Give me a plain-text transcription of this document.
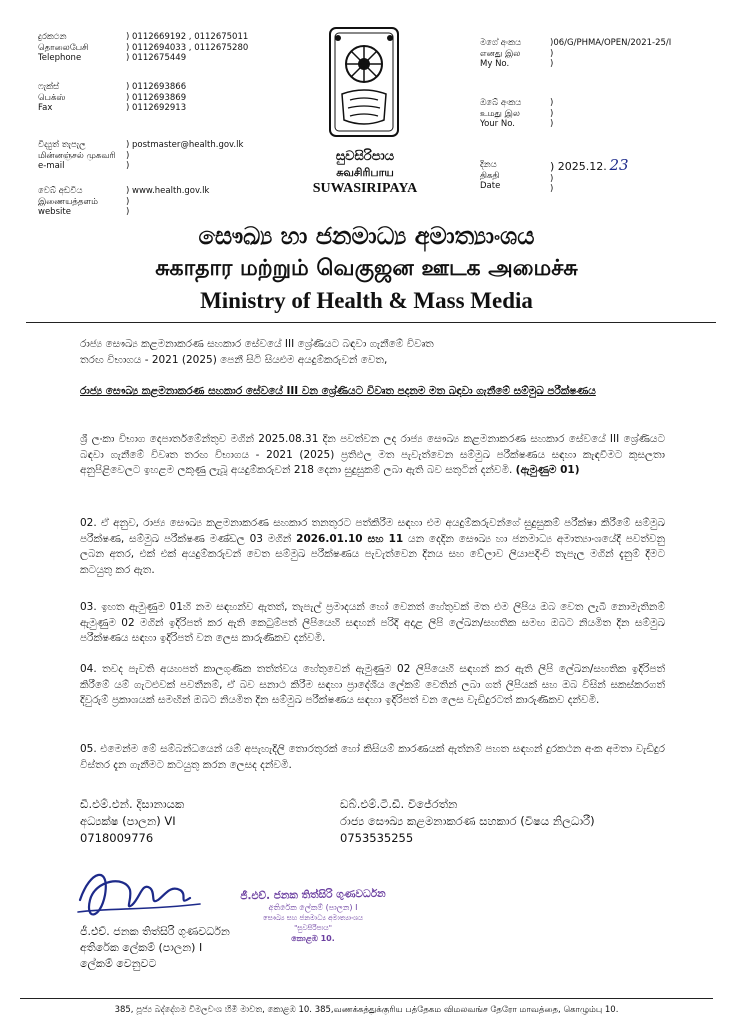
දුරකථන
தொலைபேசி
Telephone
) 0112669192 , 0112675011
) 0112694033 , 0112675280
) 0112675449
ෆැක්ස්
பெக்ஸ்
Fax
) 0112693866
) 0112693869
) 0112692913
විද්‍යුත් තැපැල
மின்னஞ்சல் முகவரி
e-mail
) postmaster@health.gov.lk
)
)
වෙබ් අඩවිය
இணையத்தளம்
website
) www.health.gov.lk
)
)
සුවසිරිපාය
சுவசிரிபாய
SUWASIRIPAYA
මගේ අංකය
எனது இல
My No.
)06/G/PHMA/OPEN/2021-25/I
)
)
ඔබේ අංකය
உமது இல
Your No.
)
)
)
දිනය
திகதி
Date
) 2025.12. 23
)
)
සෞඛ්‍ය හා ජනමාධ්‍ය අමාත්‍යාංශය
சுகாதார மற்றும் வெகுஜன ஊடக அமைச்சு
Ministry of Health & Mass Media
රාජ්‍ය සෞඛ්‍ය කළමනාකරණ සහකාර සේවයේ III ශ්‍රේණියට බඳවා ගැනීමේ විවෘත
තරඟ විභාගය - 2021 (2025) පෙනී සිටි සියළුම අයදුම්කරුවන් වෙත,
රාජ්‍ය සෞඛ්‍ය කළමනාකරණ සහකාර සේවයේ III වන ශ්‍රේණියට විවෘත පදනම මත බඳවා ගැනීමේ සම්මුඛ පරීක්ෂණය
ශ්‍රී ලංකා විභාග දෙපාර්තමේන්තුව මගින් 2025.08.31 දින පවත්වන ලද රාජ්‍ය සෞඛ්‍ය කළමනාකරණ සහකාර සේවයේ III ශ්‍රේණියට බඳවා ගැනීමේ විවෘත තරඟ විභාගය - 2021 (2025) ප්‍රතිඵල මත පැවැත්වෙන සම්මුඛ පරීක්ෂණය සඳහා කැඳවීමට කුසලතා අනුපිළිවෙලට ඉහළම ලකුණු ලැබූ අයදුම්කරුවන් 218 දෙනා සුදුසුකම් ලබා ඇති බව සතුටින් දන්වමි. (ඇමුණුම 01)
02. ඒ අනුව, රාජ්‍ය සෞඛ්‍ය කළමනාකරණ සහකාර තනතුරට පත්කිරීම සඳහා එම අයදුම්කරුවන්ගේ සුදුසුකම් පරීක්ෂා කිරීමේ සම්මුඛ පරීක්ෂණ, සම්මුඛ පරීක්ෂණ මණ්ඩල 03 මගින් 2026.01.10 සහ 11 යන දෙදින සෞඛ්‍ය හා ජනමාධ්‍ය අමාත්‍යාංශයේදී පවත්වනු ලබන අතර, එක් එක් අයදුම්කරුවන් වෙත සම්මුඛ පරීක්ෂණය පැවැත්වෙන දිනය සහ වේලාව ලියාපදිංචි තැපැල මගින් දැනුම් දීමට කටයුතු කර ඇත.
03. ඉහත ඇමුණුම 01හි නම සඳහන්ව ඇතත්, තැපැල් ප්‍රමාදයන් හෝ වෙනත් හේතුවක් මත එම ලිපිය ඔබ වෙත ලැබී නොමැතිනම් ඇමුණුම 02 මගින් ඉදිරිපත් කර ඇති කෙටුම්පත් ලිපියෙහි සඳහන් පරිදි අදාළ ලිපි ලේඛන/සහතික සමඟ ඔබට නියමිත දින සම්මුඛ පරීක්ෂණය සඳහා ඉදිරිපත් වන ලෙස කාරුණිකව දන්වමි.
04. තවද පැවති අයහපත් කාලගුණික තත්ත්වය හේතුවෙන් ඇමුණුම 02 ලිපියෙහි සඳහන් කර ඇති ලිපි ලේඛන/සහතික ඉදිරිපත් කිරීමේ යම් ගැටළුවක් පවතීනම්, ඒ බව සනාථ කිරීම සඳහා ප්‍රාදේශීය ලේකම් වෙතින් ලබා ගත් ලිපියක් සහ ඔබ විසින් සකස්කරගත් දිවුරුම් ප්‍රකාශයක් සමඟින් ඔබට නියමිත දින සම්මුඛ පරීක්ෂණය සඳහා ඉදිරිපත් වන ලෙස වැඩිදුරටත් කාරුණිකව දන්වමි.
05. එමෙන්ම මේ සම්බන්ධයෙන් යම් අපැහැදිලි තොරතුරක් හෝ කිසියම් කාරණයක් ඇත්නම් පහත සඳහන් දුරකථන අංක අමතා වැඩිදුර විස්තර දැන ගැනීමට කටයුතු කරන ලෙසද දන්වමි.
ඩී.එම්.එන්. දිසානායක
අධ්‍යක්ෂ (පාලන) VI
0718009776
ඩබ්.එම්.ටී.ඩී. විජේරත්න
රාජ්‍ය සෞඛ්‍ය කළමනාකරණ සහකාර (විෂය නිලධාරී)
0753535255
ජී.එච්. ජනක තිත්සිරි ගුණවර්ධන
අතිරේක ලේකම් (පාලන) I
සෞඛ්‍ය සහ ජනමාධ්‍ය අමාත්‍යාංශය
"සුවසිරිපාය"
කොළඹ 10.
ජී.එච්. ජනක තිත්සිරි ගුණවර්ධන
අතිරේක ලේකම් (පාලන) I
ලේකම් වෙනුවට
385, පූජ්‍ය බද්දේගම විමලවංශ හිමි මාවත, කොළඹ 10. 385,வணக்கத்துக்குரிய பத்தேகம விமலவங்ச தேரோ மாவத்தை, கொழும்பு 10.
